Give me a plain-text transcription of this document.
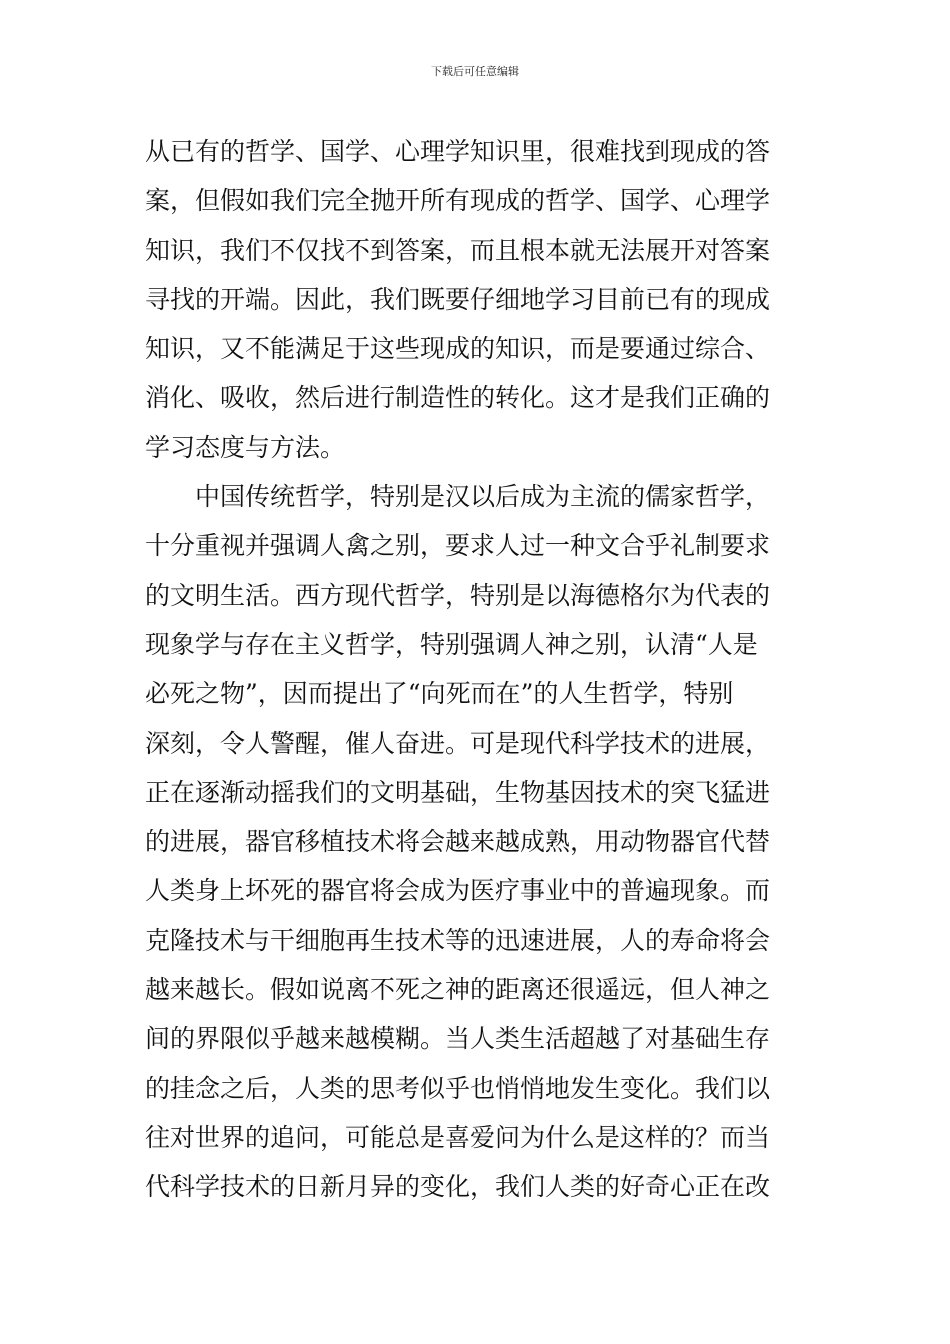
下载后可任意编辑
从已有的哲学、国学、心理学知识里，很难找到现成的答
案，但假如我们完全抛开所有现成的哲学、国学、心理学
知识，我们不仅找不到答案，而且根本就无法展开对答案
寻找的开端。因此，我们既要仔细地学习目前已有的现成
知识，又不能满足于这些现成的知识，而是要通过综合、
消化、吸收，然后进行制造性的转化。这才是我们正确的
学习态度与方法。
中国传统哲学，特别是汉以后成为主流的儒家哲学，
十分重视并强调人禽之别，要求人过一种文合乎礼制要求
的文明生活。西方现代哲学，特别是以海德格尔为代表的
现象学与存在主义哲学，特别强调人神之别，认清“人是
必死之物”，因而提出了“向死而在”的人生哲学，特别
深刻，令人警醒，催人奋进。可是现代科学技术的进展，
正在逐渐动摇我们的文明基础，生物基因技术的突飞猛进
的进展，器官移植技术将会越来越成熟，用动物器官代替
人类身上坏死的器官将会成为医疗事业中的普遍现象。而
克隆技术与干细胞再生技术等的迅速进展，人的寿命将会
越来越长。假如说离不死之神的距离还很遥远，但人神之
间的界限似乎越来越模糊。当人类生活超越了对基础生存
的挂念之后，人类的思考似乎也悄悄地发生变化。我们以
往对世界的追问，可能总是喜爱问为什么是这样的？而当
代科学技术的日新月异的变化，我们人类的好奇心正在改
